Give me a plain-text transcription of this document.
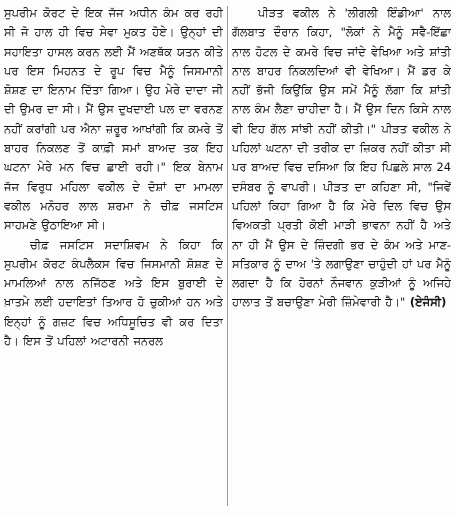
ਸੁਪਰੀਮ ਕੋਰਟ ਦੇ ਇਕ ਜੱਜ ਅਧੀਨ ਕੰਮ ਕਰ ਰਹੀ ਸੀ ਜੋ ਹਾਲ ਹੀ ਵਿਚ ਸੇਵਾ ਮੁਕਤ ਹੋਏ। ਉਨ੍ਹਾਂ ਦੀ ਸਹਾਇਤਾ ਹਾਸਲ ਕਰਨ ਲਈ ਮੈਂ ਅਣਥੱਕ ਯਤਨ ਕੀਤੇ ਪਰ ਇਸ ਮਿਹਨਤ ਦੇ ਰੂਪ ਵਿਚ ਮੈਨੂੰ ਜਿਸਮਾਨੀ ਸ਼ੋਸ਼ਣ ਦਾ ਇਨਾਮ ਦਿੱਤਾ ਗਿਆ। ਉਹ ਮੇਰੇ ਦਾਦਾ ਜੀ ਦੀ ਉਮਰ ਦਾ ਸੀ। ਮੈਂ ਉਸ ਦੁਖਦਾਈ ਪਲ ਦਾ ਵਰਨਣ ਨਹੀਂ ਕਰਾਂਗੀ ਪਰ ਐਨਾ ਜ਼ਰੂਰ ਆਖਾਂਗੀ ਕਿ ਕਮਰੇ ਤੋਂ ਬਾਹਰ ਨਿਕਲਣ ਤੋਂ ਕਾਫ਼ੀ ਸਮਾਂ ਬਾਅਦ ਤਕ ਇਹ ਘਟਨਾ ਮੇਰੇ ਮਨ ਵਿਚ ਛਾਈ ਰਹੀ।" ਇਕ ਬੇਨਾਮ ਜੱਜ ਵਿਰੁਧ ਮਹਿਲਾ ਵਕੀਲ ਦੇ ਦੋਸ਼ਾਂ ਦਾ ਮਾਮਲਾ ਵਕੀਲ ਮਨੋਹਰ ਲਾਲ ਸ਼ਰਮਾ ਨੇ ਚੀਫ਼ ਜਸਟਿਸ ਸਾਹਮਣੇ ਉਠਾਇਆ ਸੀ।

ਚੀਫ਼ ਜਸਟਿਸ ਸਦਾਸ਼ਿਵਮ ਨੇ ਕਿਹਾ ਕਿ ਸੁਪਰੀਮ ਕੋਰਟ ਕੰਪਲੈਕਸ ਵਿਚ ਜਿਸਮਾਨੀ ਸ਼ੋਸ਼ਣ ਦੇ ਮਾਮਲਿਆਂ ਨਾਲ ਨਜਿੱਠਣ ਅਤੇ ਇਸ ਬੁਰਾਈ ਦੇ ਖ਼ਾਤਮੇ ਲਈ ਹਦਾਇਤਾਂ ਤਿਆਰ ਹੋ ਚੁਕੀਆਂ ਹਨ ਅਤੇ ਇਨ੍ਹਾਂ ਨੂੰ ਗਜ਼ਟ ਵਿਚ ਅਧਿਸੂਚਿਤ ਵੀ ਕਰ ਦਿਤਾ ਹੈ। ਇਸ ਤੋਂ ਪਹਿਲਾਂ ਅਟਾਰਨੀ ਜਨਰਲ

ਪੀੜਤ ਵਕੀਲ ਨੇ 'ਲੀਗਲੀ ਇੰਡੀਆ' ਨਾਲ ਗੱਲਬਾਤ ਦੌਰਾਨ ਕਿਹਾ, "ਲੋਕਾਂ ਨੇ ਮੈਨੂੰ ਸਵੈ-ਇੱਛਾ ਨਾਲ ਹੋਟਲ ਦੇ ਕਮਰੇ ਵਿਚ ਜਾਂਦੇ ਵੇਖਿਆ ਅਤੇ ਸ਼ਾਂਤੀ ਨਾਲ ਬਾਹਰ ਨਿਕਲਦਿਆਂ ਵੀ ਵੇਖਿਆ। ਮੈਂ ਡਰ ਕੇ ਨਹੀਂ ਭੱਜੀ ਕਿਉਂਕਿ ਉਸ ਸਮੇਂ ਮੈਨੂੰ ਲੱਗਾ ਕਿ ਸ਼ਾਂਤੀ ਨਾਲ ਕੰਮ ਲੈਣਾ ਚਾਹੀਦਾ ਹੈ। ਮੈਂ ਉਸ ਦਿਨ ਕਿਸੇ ਨਾਲ ਵੀ ਇਹ ਗੱਲ ਸਾਂਝੀ ਨਹੀਂ ਕੀਤੀ।" ਪੀੜਤ ਵਕੀਲ ਨੇ ਪਹਿਲਾਂ ਘਟਨਾ ਦੀ ਤਰੀਕ ਦਾ ਜ਼ਿਕਰ ਨਹੀਂ ਕੀਤਾ ਸੀ ਪਰ ਬਾਅਦ ਵਿਚ ਦਸਿਆ ਕਿ ਇਹ ਪਿਛਲੇ ਸਾਲ 24 ਦਸੰਬਰ ਨੂੰ ਵਾਪਰੀ। ਪੀੜਤ ਦਾ ਕਹਿਣਾ ਸੀ, "ਜਿਵੇਂ ਪਹਿਲਾਂ ਕਿਹਾ ਗਿਆ ਹੈ ਕਿ ਮੇਰੇ ਦਿਲ ਵਿਚ ਉਸ ਵਿਅਕਤੀ ਪ੍ਰਤੀ ਕੋਈ ਮਾੜੀ ਭਾਵਨਾ ਨਹੀਂ ਹੈ ਅਤੇ ਨਾ ਹੀ ਮੈਂ ਉਸ ਦੇ ਜ਼ਿੰਦਗੀ ਭਰ ਦੇ ਕੰਮ ਅਤੇ ਮਾਣ-ਸਤਿਕਾਰ ਨੂੰ ਦਾਅ 'ਤੇ ਲਗਾਉਣਾ ਚਾਹੁੰਦੀ ਹਾਂ ਪਰ ਮੈਨੂੰ ਲਗਦਾ ਹੈ ਕਿ ਹੋਰਨਾਂ ਨੌਜਵਾਨ ਕੁੜੀਆਂ ਨੂੰ ਅਜਿਹੇ ਹਾਲਾਤ ਤੋਂ ਬਚਾਉਣਾ ਮੇਰੀ ਜ਼ਿੰਮੇਵਾਰੀ ਹੈ।" (ਏਜੰਸੀ)
